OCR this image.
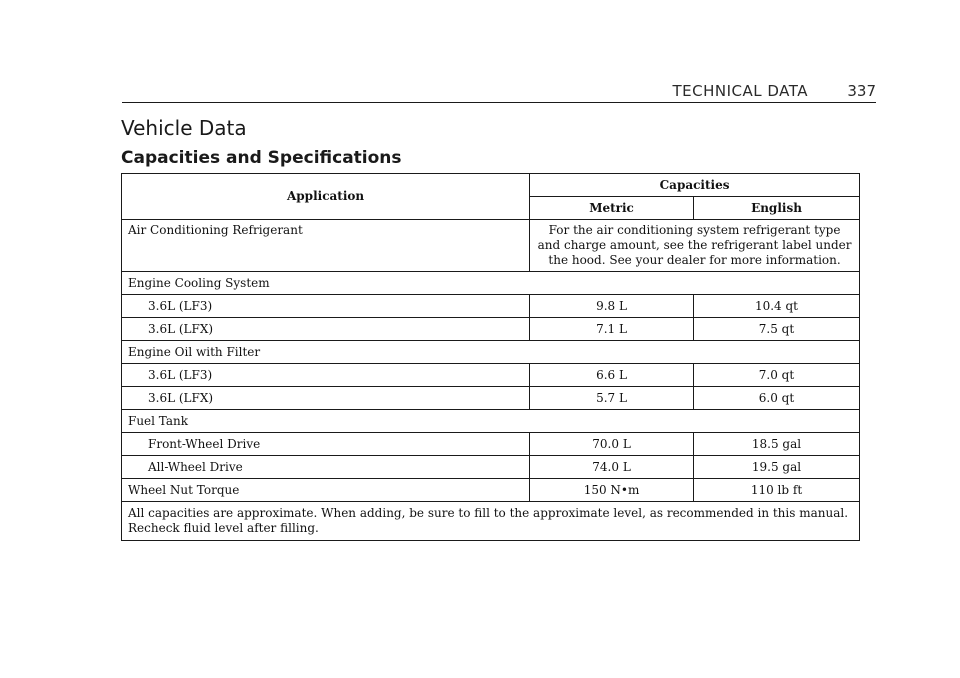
TECHNICAL DATA	337
Vehicle Data
Capacities and Specifications
Application	Capacities	
	Metric	English
Air Conditioning Refrigerant	For the air conditioning system refrigerant type and charge amount, see the refrigerant label under the hood. See your dealer for more information.	
Engine Cooling System		
3.6L (LF3)	9.8 L	10.4 qt
3.6L (LFX)	7.1 L	7.5 qt
Engine Oil with Filter		
3.6L (LF3)	6.6 L	7.0 qt
3.6L (LFX)	5.7 L	6.0 qt
Fuel Tank		
Front-Wheel Drive	70.0 L	18.5 gal
All-Wheel Drive	74.0 L	19.5 gal
Wheel Nut Torque	150 N•m	110 lb ft
All capacities are approximate. When adding, be sure to fill to the approximate level, as recommended in this manual. Recheck fluid level after filling.		
